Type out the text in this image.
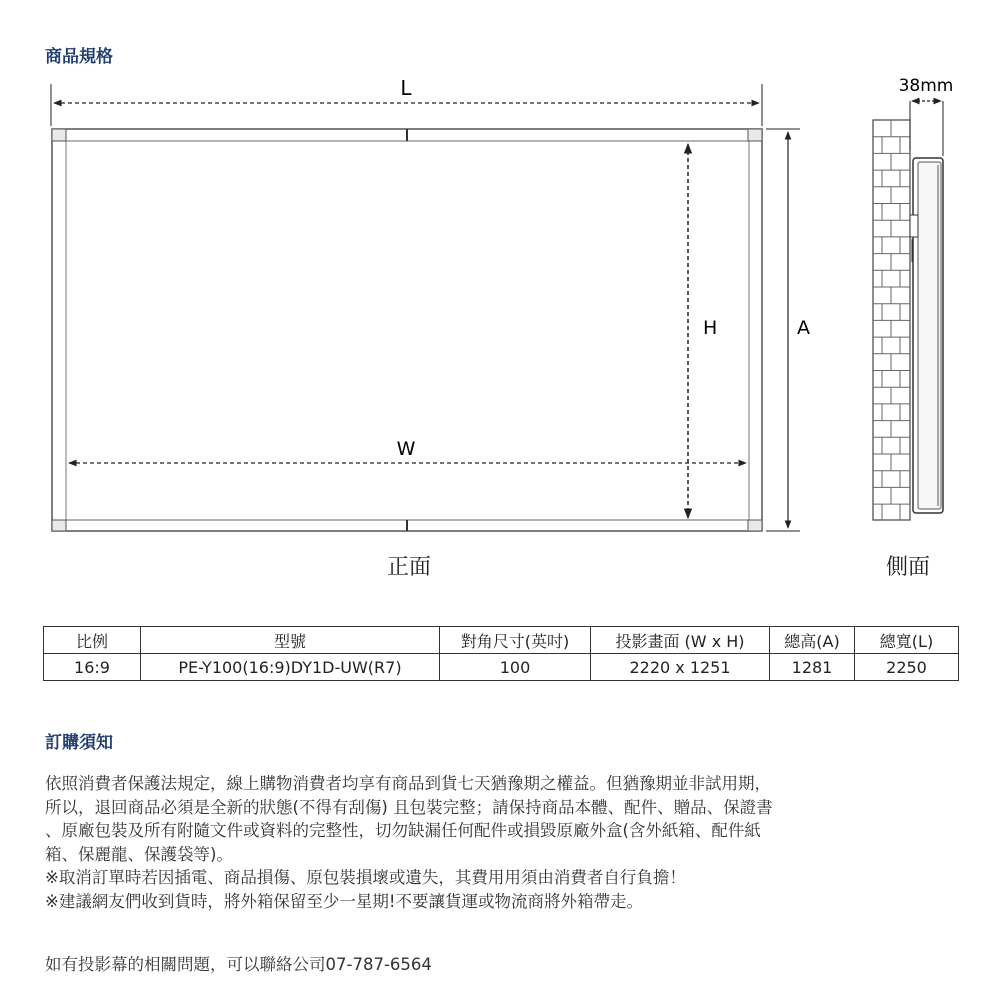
商品規格
L
H
W
A
38mm
正面	側面
比例	型號	對角尺寸(英吋)	投影畫面 (W x H)	總高(A)	總寬(L)
16:9	PE-Y100(16:9)DY1D-UW(R7)	100	2220 x 1251	1281	2250
訂購須知

依照消費者保護法規定，線上購物消費者均享有商品到貨七天猶豫期之權益。但猶豫期並非試用期，

所以，退回商品必須是全新的狀態(不得有刮傷) 且包裝完整；請保持商品本體、配件、贈品、保證書

、原廠包裝及所有附隨文件或資料的完整性，切勿缺漏任何配件或損毀原廠外盒(含外紙箱、配件紙

箱、保麗龍、保護袋等)。

※取消訂單時若因插電、商品損傷、原包裝損壞或遺失，其費用用須由消費者自行負擔！

※建議網友們收到貨時，將外箱保留至少一星期!不要讓貨運或物流商將外箱帶走。

如有投影幕的相關問題，可以聯絡公司07-787-6564
